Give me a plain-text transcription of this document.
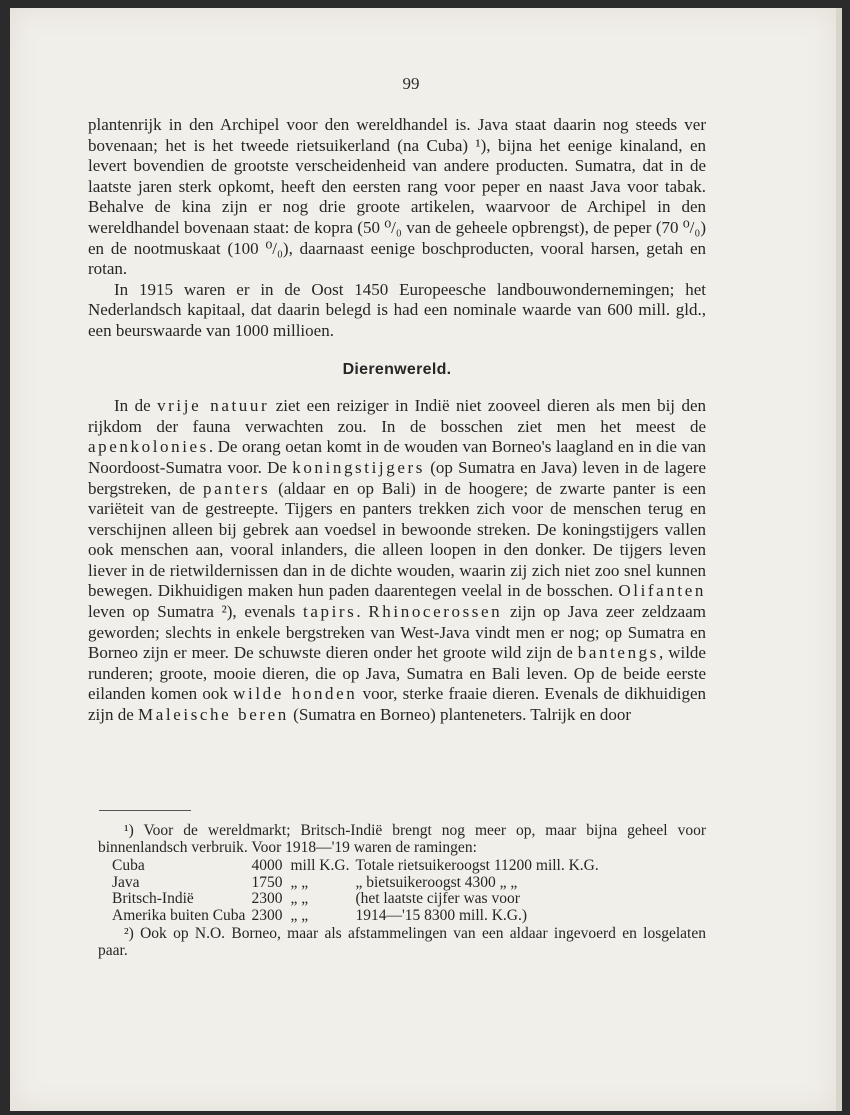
99

plantenrijk in den Archipel voor den wereldhandel is. Java staat daarin nog steeds ver bovenaan; het is het tweede rietsuikerland (na Cuba) ¹), bijna het eenige kinaland, en levert bovendien de grootste verscheidenheid van andere producten. Sumatra, dat in de laatste jaren sterk opkomt, heeft den eersten rang voor peper en naast Java voor tabak. Behalve de kina zijn er nog drie groote artikelen, waarvoor de Archipel in den wereldhandel bovenaan staat: de kopra (50 ⁰/₀ van de geheele opbrengst), de peper (70 ⁰/₀) en de nootmuskaat (100 ⁰/₀), daarnaast eenige boschproducten, vooral harsen, getah en rotan.

In 1915 waren er in de Oost 1450 Europeesche landbouwondernemingen; het Nederlandsch kapitaal, dat daarin belegd is had een nominale waarde van 600 mill. gld., een beurswaarde van 1000 millioen.

Dierenwereld.

In de vrije natuur ziet een reiziger in Indië niet zooveel dieren als men bij den rijkdom der fauna verwachten zou. In de bosschen ziet men het meest de apenkolonies. De orang oetan komt in de wouden van Borneo's laagland en in die van Noordoost-Sumatra voor. De koningstijgers (op Sumatra en Java) leven in de lagere bergstreken, de panters (aldaar en op Bali) in de hoogere; de zwarte panter is een variëteit van de gestreepte. Tijgers en panters trekken zich voor de menschen terug en verschijnen alleen bij gebrek aan voedsel in bewoonde streken. De koningstijgers vallen ook menschen aan, vooral inlanders, die alleen loopen in den donker. De tijgers leven liever in de rietwildernissen dan in de dichte wouden, waarin zij zich niet zoo snel kunnen bewegen. Dikhuidigen maken hun paden daarentegen veelal in de bosschen. Olifanten leven op Sumatra ²), evenals tapirs. Rhinocerossen zijn op Java zeer zeldzaam geworden; slechts in enkele bergstreken van West-Java vindt men er nog; op Sumatra en Borneo zijn er meer. De schuwste dieren onder het groote wild zijn de bantengs, wilde runderen; groote, mooie dieren, die op Java, Sumatra en Bali leven. Op de beide eerste eilanden komen ook wilde honden voor, sterke fraaie dieren. Evenals de dikhuidigen zijn de Maleische beren (Sumatra en Borneo) planteneters. Talrijk en door

¹) Voor de wereldmarkt; Britsch-Indië brengt nog meer op, maar bijna geheel voor binnenlandsch verbruik. Voor 1918—'19 waren de ramingen:

Cuba	4000	mill K.G.	Totale rietsuikeroogst 11200 mill. K.G.
Java	1750	„ „	„ bietsuikeroogst 4300 „ „
Britsch-Indië	2300	„ „	(het laatste cijfer was voor
Amerika buiten Cuba	2300	„ „	1914—'15 8300 mill. K.G.)

²) Ook op N.O. Borneo, maar als afstammelingen van een aldaar ingevoerd en losgelaten paar.
